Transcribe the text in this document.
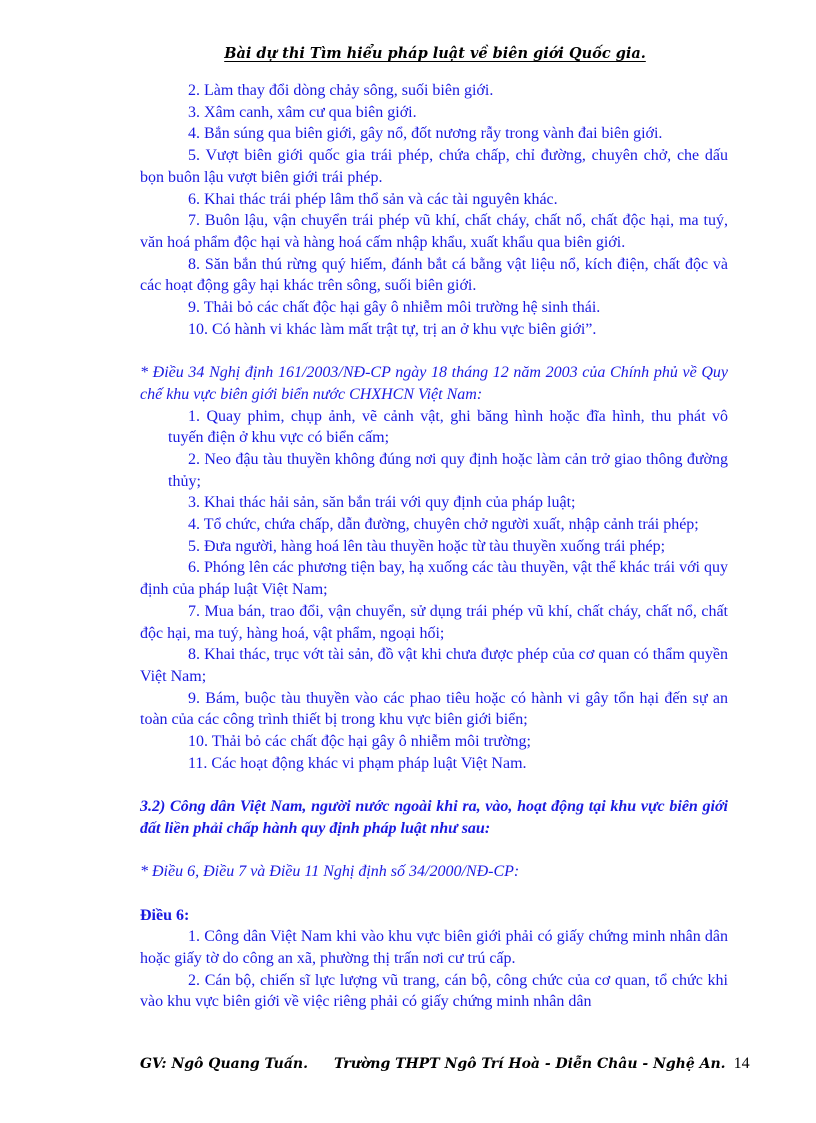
Bài dự thi Tìm hiểu pháp luật về biên giới Quốc gia.

2. Làm thay đổi dòng chảy sông, suối biên giới.

3. Xâm canh, xâm cư qua biên giới.

4. Bắn súng qua biên giới, gây nổ, đốt nương rẫy trong vành đai biên giới.

5. Vượt biên giới quốc gia trái phép, chứa chấp, chỉ đường, chuyên chở, che dấu bọn buôn lậu vượt biên giới trái phép.

6. Khai thác trái phép lâm thổ sản và các tài nguyên khác.

7. Buôn lậu, vận chuyển trái phép vũ khí, chất cháy, chất nổ, chất độc hại, ma tuý, văn hoá phẩm độc hại và hàng hoá cấm nhập khẩu, xuất khẩu qua biên giới.

8. Săn bắn thú rừng quý hiếm, đánh bắt cá bằng vật liệu nổ, kích điện, chất độc và các hoạt động gây hại khác trên sông, suối biên giới.

9. Thải bỏ các chất độc hại gây ô nhiễm môi trường hệ sinh thái.

10. Có hành vi khác làm mất trật tự, trị an ở khu vực biên giới”.

* Điều 34 Nghị định 161/2003/NĐ-CP ngày 18 tháng 12 năm 2003 của Chính phủ về Quy chế khu vực biên giới biển nước CHXHCN Việt Nam:

1. Quay phim, chụp ảnh, vẽ cảnh vật, ghi băng hình hoặc đĩa hình, thu phát vô tuyến điện ở khu vực có biển cấm;

2. Neo đậu tàu thuyền không đúng nơi quy định hoặc làm cản trở giao thông đường thủy;

3. Khai thác hải sản, săn bắn trái với quy định của pháp luật;

4. Tổ chức, chứa chấp, dẫn đường, chuyên chở người xuất, nhập cảnh trái phép;

5. Đưa người, hàng hoá lên tàu thuyền hoặc từ tàu thuyền xuống trái phép;

6. Phóng lên các phương tiện bay, hạ xuống các tàu thuyền, vật thể khác trái với quy định của pháp luật Việt Nam;

7. Mua bán, trao đổi, vận chuyển, sử dụng trái phép vũ khí, chất cháy, chất nổ, chất độc hại, ma tuý, hàng hoá, vật phẩm, ngoại hối;

8. Khai thác, trục vớt tài sản, đồ vật khi chưa được phép của cơ quan có thẩm quyền Việt Nam;

9. Bám, buộc tàu thuyền vào các phao tiêu hoặc có hành vi gây tổn hại đến sự an toàn của các công trình thiết bị trong khu vực biên giới biển;

10. Thải bỏ các chất độc hại gây ô nhiễm môi trường;

11. Các hoạt động khác vi phạm pháp luật Việt Nam.

3.2) Công dân Việt Nam, người nước ngoài khi ra, vào, hoạt động tại khu vực biên giới đất liền phải chấp hành quy định pháp luật như sau:

* Điều 6, Điều 7 và Điều 11 Nghị định số 34/2000/NĐ-CP:

Điều 6:

1. Công dân Việt Nam khi vào khu vực biên giới phải có giấy chứng minh nhân dân hoặc giấy tờ do công an xã, phường thị trấn nơi cư trú cấp.

2. Cán bộ, chiến sĩ lực lượng vũ trang, cán bộ, công chức của cơ quan, tổ chức khi vào khu vực biên giới về việc riêng phải có giấy chứng minh nhân dân

GV: Ngô Quang Tuấn. Trường THPT Ngô Trí Hoà - Diễn Châu - Nghệ An. 14
